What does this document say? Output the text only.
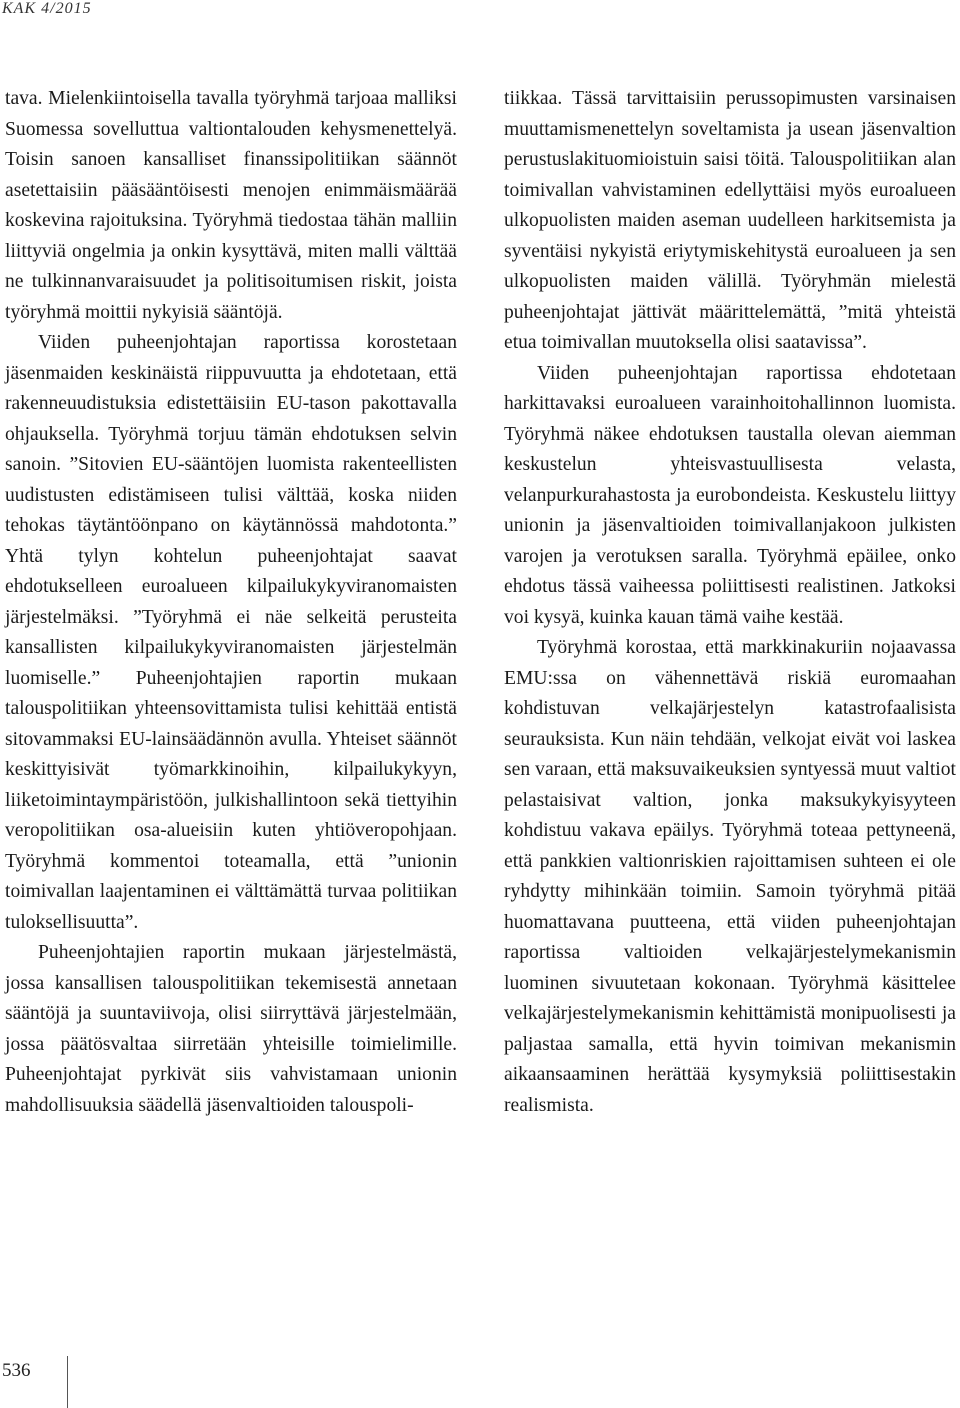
KAK 4/2015

tava. Mielenkiintoisella tavalla työryhmä tarjoaa malliksi Suomessa sovelluttua valtiontalouden kehysmenettelyä. Toisin sanoen kansalliset finanssipolitiikan säännöt asetettaisiin pääsääntöisesti menojen enimmäismäärää koskevina rajoituksina. Työryhmä tiedostaa tähän malliin liittyviä ongelmia ja onkin kysyttävä, miten malli välttää ne tulkinnanvaraisuudet ja politisoitumisen riskit, joista työryhmä moittii nykyisiä sääntöjä.

Viiden puheenjohtajan raportissa korostetaan jäsenmaiden keskinäistä riippuvuutta ja ehdotetaan, että rakenneuudistuksia edistettäisiin EU-tason pakottavalla ohjauksella. Työryhmä torjuu tämän ehdotuksen selvin sanoin. ”Sitovien EU-sääntöjen luomista rakenteellisten uudistusten edistämiseen tulisi välttää, koska niiden tehokas täytäntöönpano on käytännössä mahdotonta.” Yhtä tylyn kohtelun puheenjohtajat saavat ehdotukselleen euroalueen kilpailukykyviranomaisten järjestelmäksi. ”Työryhmä ei näe selkeitä perusteita kansallisten kilpailukykyviranomaisten järjestelmän luomiselle.” Puheenjohtajien raportin mukaan talouspolitiikan yhteensovittamista tulisi kehittää entistä sitovammaksi EU-lainsäädännön avulla. Yhteiset säännöt keskittyisivät työmarkkinoihin, kilpailukykyyn, liiketoimintaympäristöön, julkishallintoon sekä tiettyihin veropolitiikan osa-alueisiin kuten yhtiöveropohjaan. Työryhmä kommentoi toteamalla, että ”unionin toimivallan laajentaminen ei välttämättä turvaa politiikan tuloksellisuutta”.

Puheenjohtajien raportin mukaan järjestelmästä, jossa kansallisen talouspolitiikan tekemisestä annetaan sääntöjä ja suuntaviivoja, olisi siirryttävä järjestelmään, jossa päätösvaltaa siirretään yhteisille toimielimille. Puheenjohtajat pyrkivät siis vahvistamaan unionin mahdollisuuksia säädellä jäsenvaltioiden talouspoli-

tiikkaa. Tässä tarvittaisiin perussopimusten varsinaisen muuttamismenettelyn soveltamista ja usean jäsenvaltion perustuslakituomioistuin saisi töitä. Talouspolitiikan alan toimivallan vahvistaminen edellyttäisi myös euroalueen ulkopuolisten maiden aseman uudelleen harkitsemista ja syventäisi nykyistä eriytymiskehitystä euroalueen ja sen ulkopuolisten maiden välillä. Työryhmän mielestä puheenjohtajat jättivät määrittelemättä, ”mitä yhteistä etua toimivallan muutoksella olisi saatavissa”.

Viiden puheenjohtajan raportissa ehdotetaan harkittavaksi euroalueen varainhoitohallinnon luomista. Työryhmä näkee ehdotuksen taustalla olevan aiemman keskustelun yhteisvastuullisesta velasta, velanpurkurahastosta ja eurobondeista. Keskustelu liittyy unionin ja jäsenvaltioiden toimivallanjakoon julkisten varojen ja verotuksen saralla. Työryhmä epäilee, onko ehdotus tässä vaiheessa poliittisesti realistinen. Jatkoksi voi kysyä, kuinka kauan tämä vaihe kestää.

Työryhmä korostaa, että markkinakuriin nojaavassa EMU:ssa on vähennettävä riskiä euromaahan kohdistuvan velkajärjestelyn katastrofaalisista seurauksista. Kun näin tehdään, velkojat eivät voi laskea sen varaan, että maksuvaikeuksien syntyessä muut valtiot pelastaisivat valtion, jonka maksukykyisyyteen kohdistuu vakava epäilys. Työryhmä toteaa pettyneenä, että pankkien valtionriskien rajoittamisen suhteen ei ole ryhdytty mihinkään toimiin. Samoin työryhmä pitää huomattavana puutteena, että viiden puheenjohtajan raportissa valtioiden velkajärjestelymekanismin luominen sivuutetaan kokonaan. Työryhmä käsittelee velkajärjestelymekanismin kehittämistä monipuolisesti ja paljastaa samalla, että hyvin toimivan mekanismin aikaansaaminen herättää kysymyksiä poliittisestakin realismista.

536
